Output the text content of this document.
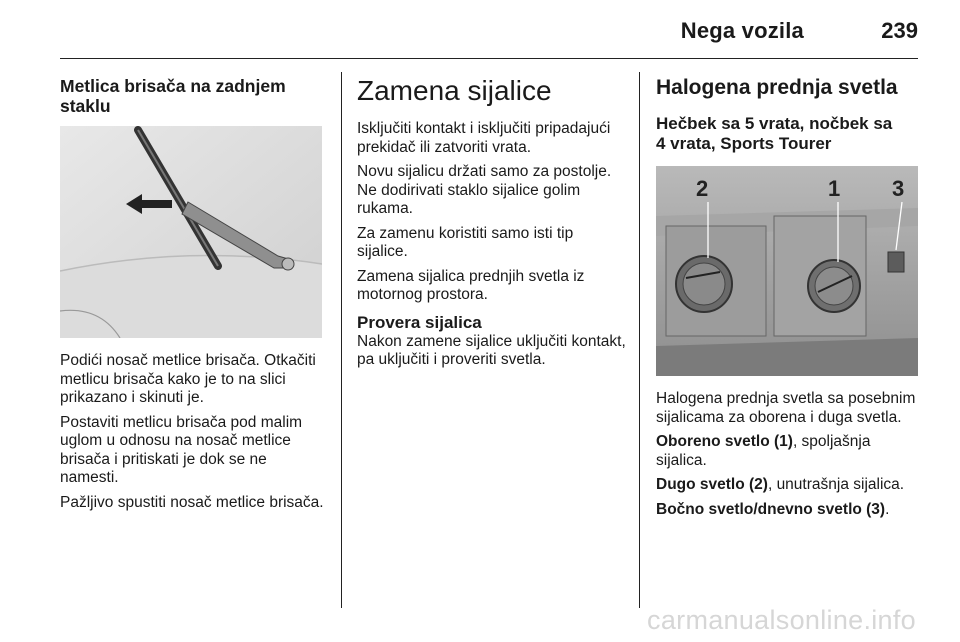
Nega vozila	239
Metlica brisača na zadnjem staklu

Podići nosač metlice brisača. Otkačiti metlicu brisača kako je to na slici prikazano i skinuti je.

Postaviti metlicu brisača pod malim uglom u odnosu na nosač metlice brisača i pritiskati je dok se ne namesti.

Pažljivo spustiti nosač metlice brisača.

Zamena sijalice

Isključiti kontakt i isključiti pripadajući prekidač ili zatvoriti vrata.

Novu sijalicu držati samo za postolje. Ne dodirivati staklo sijalice golim rukama.

Za zamenu koristiti samo isti tip sijalice.

Zamena sijalica prednjih svetla iz motornog prostora.

Provera sijalica

Nakon zamene sijalice uključiti kontakt, pa uključiti i proveriti svetla.

Halogena prednja svetla
Hečbek sa 5 vrata, nočbek sa 4 vrata, Sports Tourer
2	1 3

Halogena prednja svetla sa posebnim sijalicama za oborena i duga svetla.

Oboreno svetlo (1), spoljašnja sijalica.

Dugo svetlo (2), unutrašnja sijalica.

Bočno svetlo/dnevno svetlo (3).

carmanualsonline.info
